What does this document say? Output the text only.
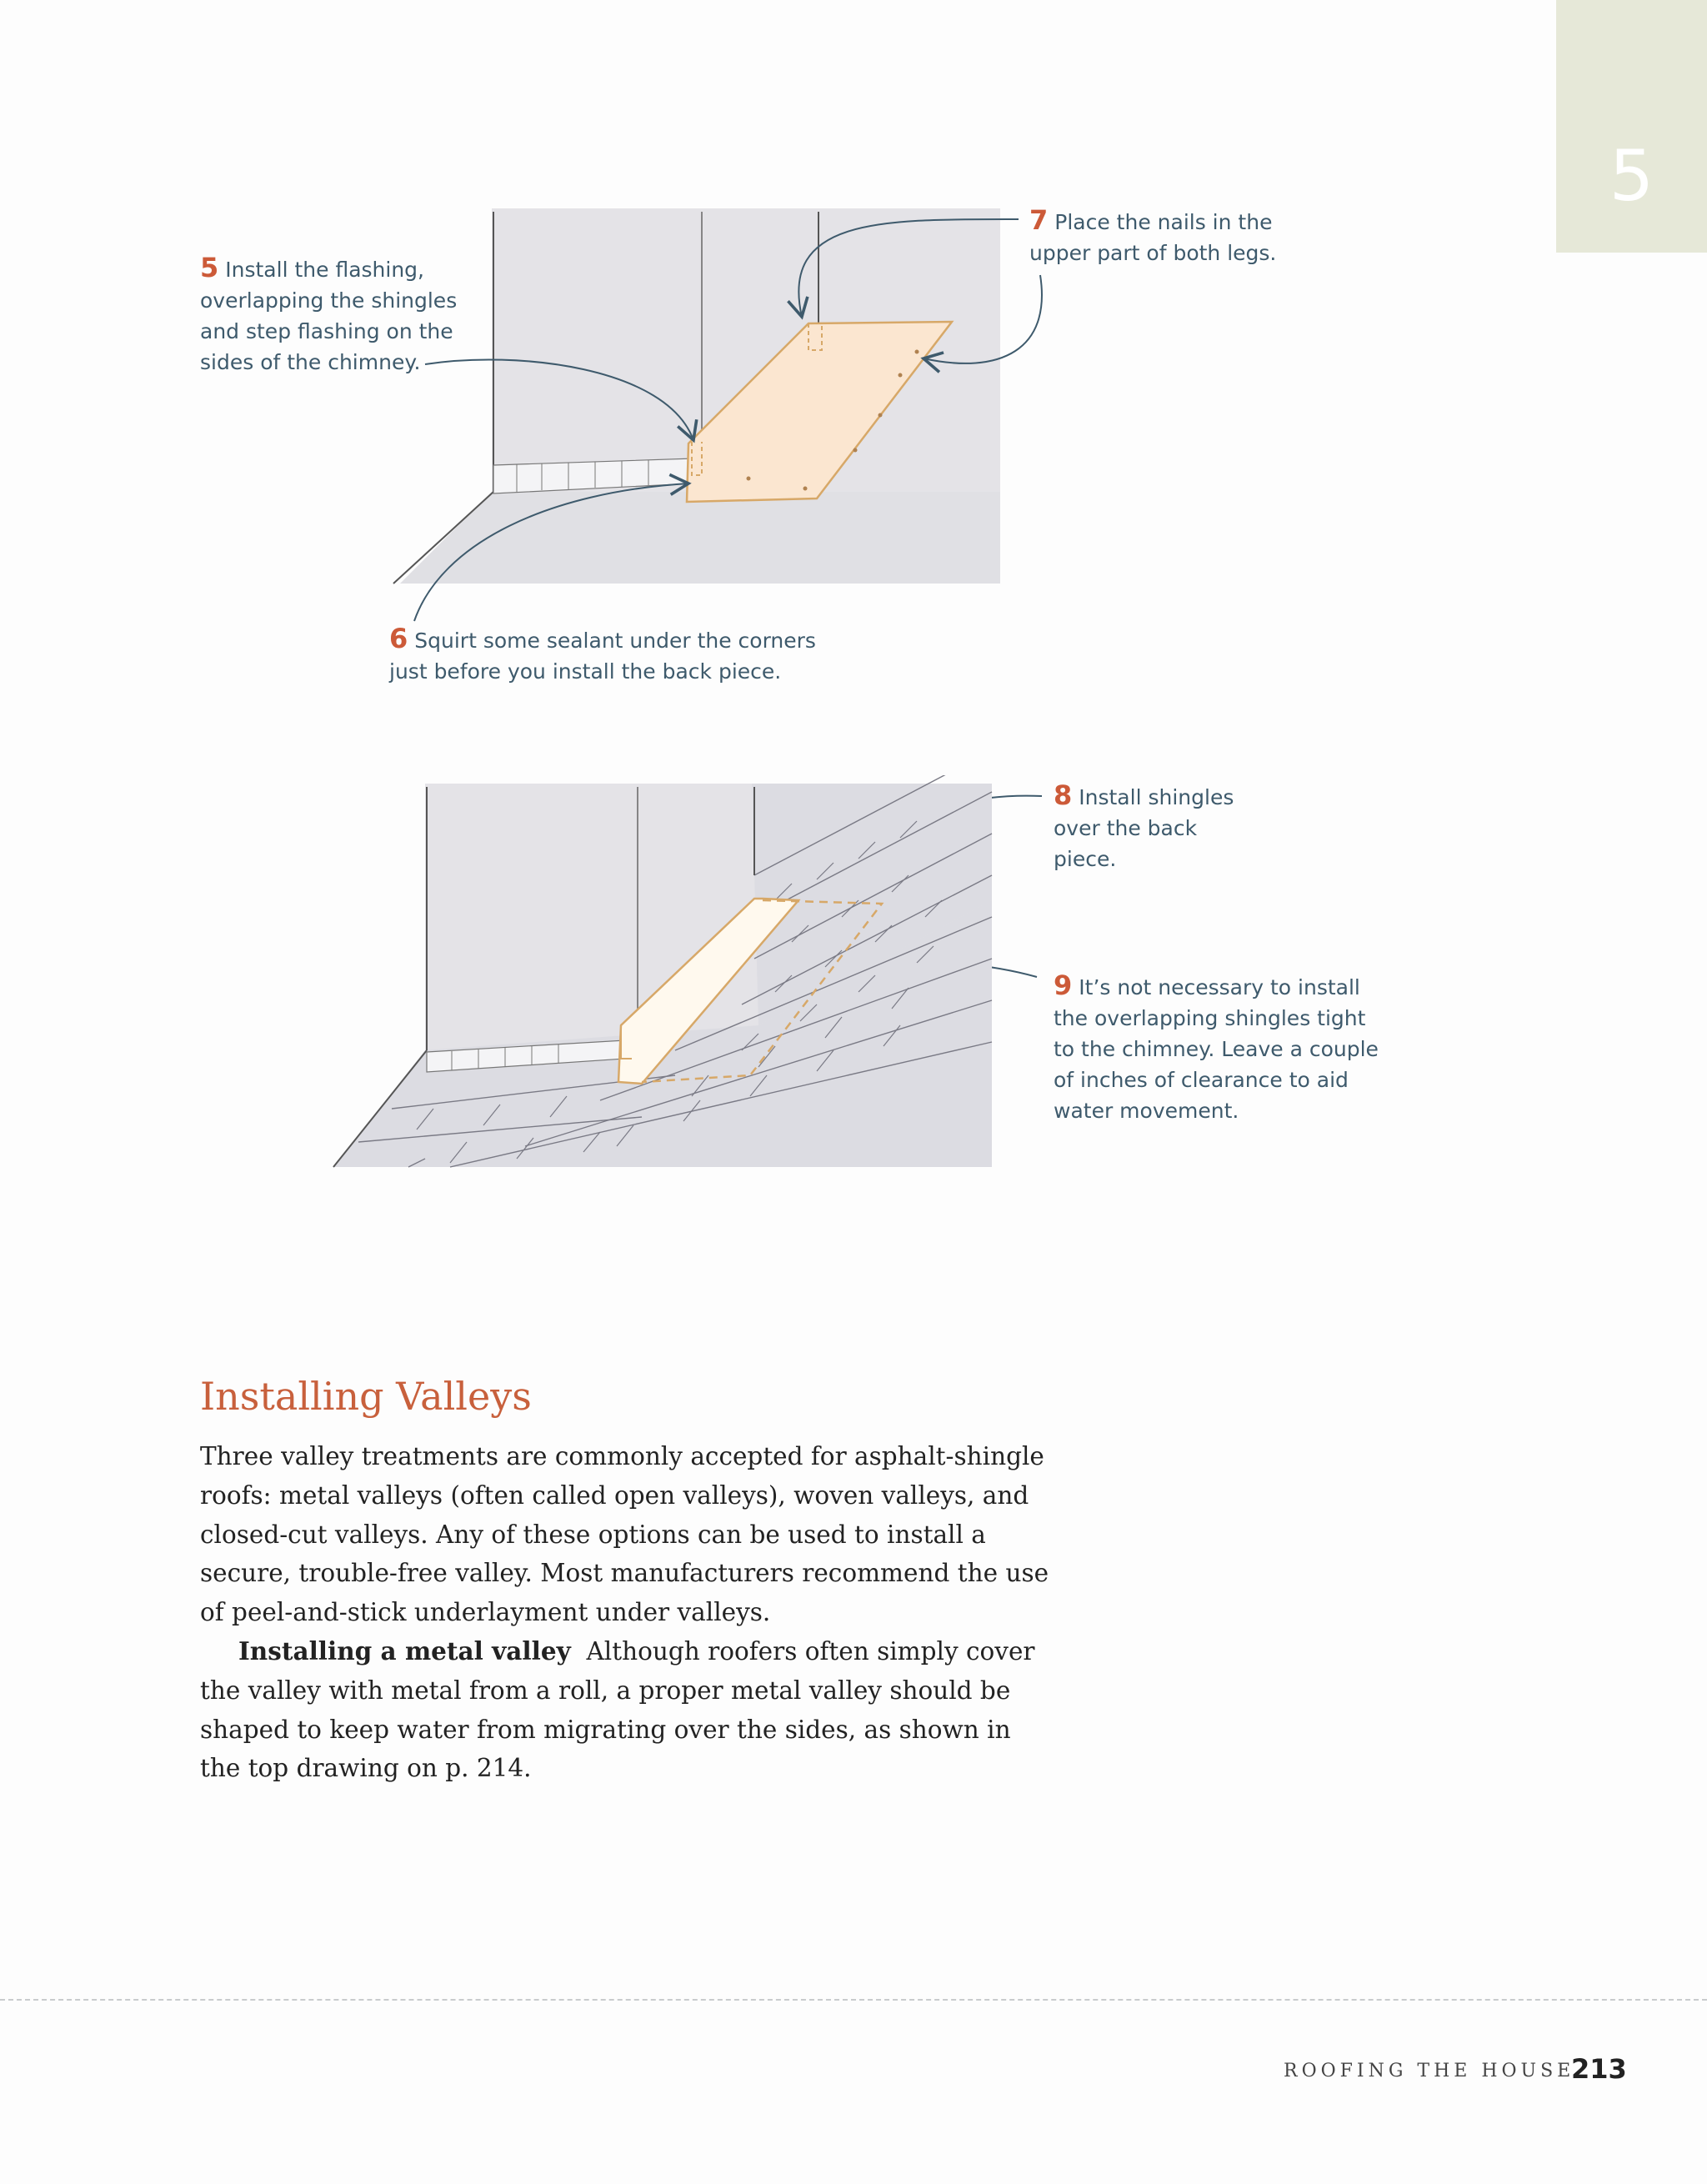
5
5 Install the flashing,
overlapping the shingles
and step flashing on the
sides of the chimney.
6 Squirt some sealant under the corners
just before you install the back piece.
7 Place the nails in the
upper part of both legs.
8 Install shingles
over the back
piece.
9 It’s not necessary to install
the overlapping shingles tight
to the chimney. Leave a couple
of inches of clearance to aid
water movement.
Installing Valleys

Three valley treatments are commonly accepted for asphalt-shingle roofs: metal valleys (often called open valleys), woven valleys, and closed-cut valleys. Any of these options can be used to install a secure, trouble-free valley. Most manufacturers recommend the use of peel-and-stick underlayment under valleys.

Installing a metal valley Although roofers often simply cover the valley with metal from a roll, a proper metal valley should be shaped to keep water from migrating over the sides, as shown in the top drawing on p. 214.

ROOFING THE HOUSE
213
